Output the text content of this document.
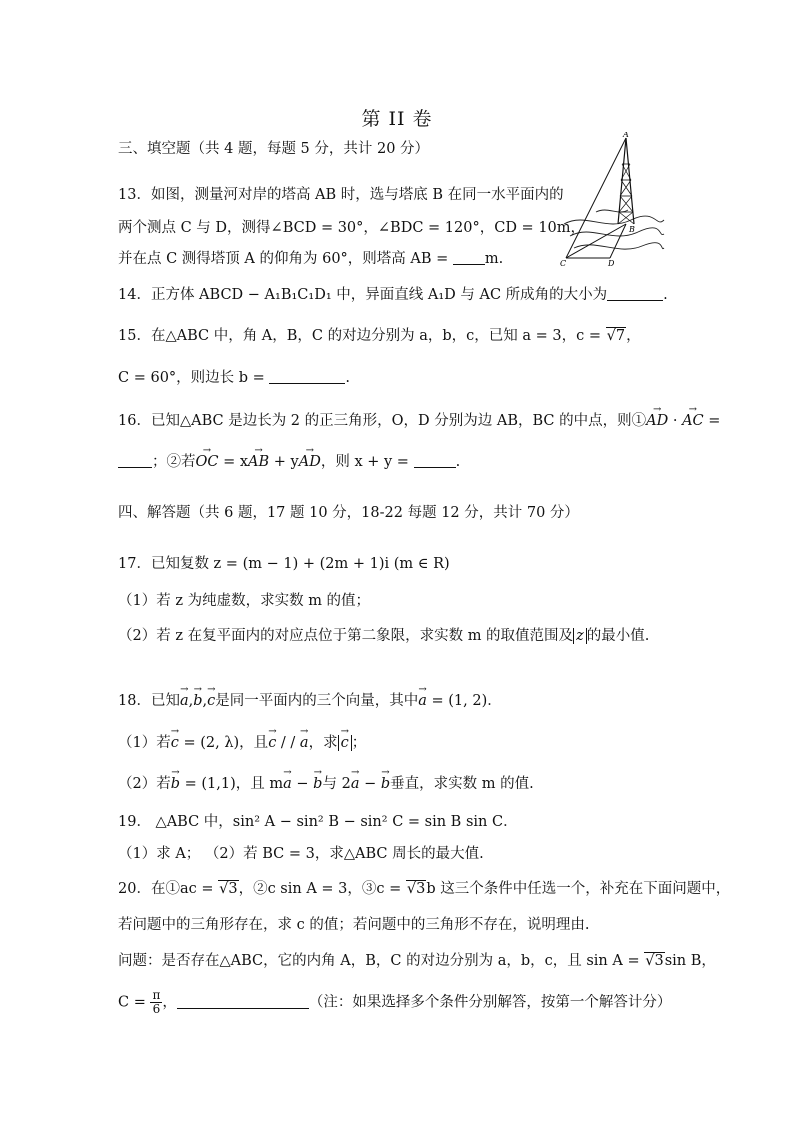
第 II 卷
三、填空题（共 4 题，每题 5 分，共计 20 分）
13．如图，测量河对岸的塔高 AB 时，选与塔底 B 在同一水平面内的
两个测点 C 与 D，测得∠BCD = 30°，∠BDC = 120°，CD = 10m，
并在点 C 测得塔顶 A 的仰角为 60°，则塔高 AB =	m.
A
B
C	D
14．正方体 ABCD − A₁B₁C₁D₁ 中，异面直线 A₁D 与 AC 所成角的大小为	.
15．在△ABC 中，角 A，B，C 的对边分别为 a，b，c，已知 a = 3，c = √7，
C = 60°，则边长 b =	.
16．已知△ABC 是边长为 2 的正三角形，O，D 分别为边 AB，BC 的中点，则①→ AD · → AC =
；②若→ OC = x→ AB + y→ AD，则 x + y =	.
四、解答题（共 6 题，17 题 10 分，18-22 每题 12 分，共计 70 分）
17．已知复数 z = (m − 1) + (2m + 1)i (m ∈ R)
（1）若 z 为纯虚数，求实数 m 的值；
（2）若 z 在复平面内的对应点位于第二象限，求实数 m 的取值范围及 z 的最小值.
18．已知→ a,→ b,→ c是同一平面内的三个向量，其中→ a = (1, 2)．
（1）若→ c = (2, λ)，且→ c / / → a，求→ c ；
（2）若→ b = (1,1)，且 m→ a − → b与 2→ a − → b垂直，求实数 m 的值.
19． △ABC 中，sin² A − sin² B − sin² C = sin B sin C．
（1）求 A； （2）若 BC = 3，求△ABC 周长的最大值.
20．在①ac = √3，②c sin A = 3，③c = √3b 这三个条件中任选一个，补充在下面问题中，
若问题中的三角形存在，求 c 的值；若问题中的三角形不存在，说明理由.
问题：是否存在△ABC，它的内角 A，B，C 的对边分别为 a，b，c，且 sin A = √3sin B，
$C = \frac{\pi}{6}$ ，	（注：如果选择多个条件分别解答，按第一个解答计分）
